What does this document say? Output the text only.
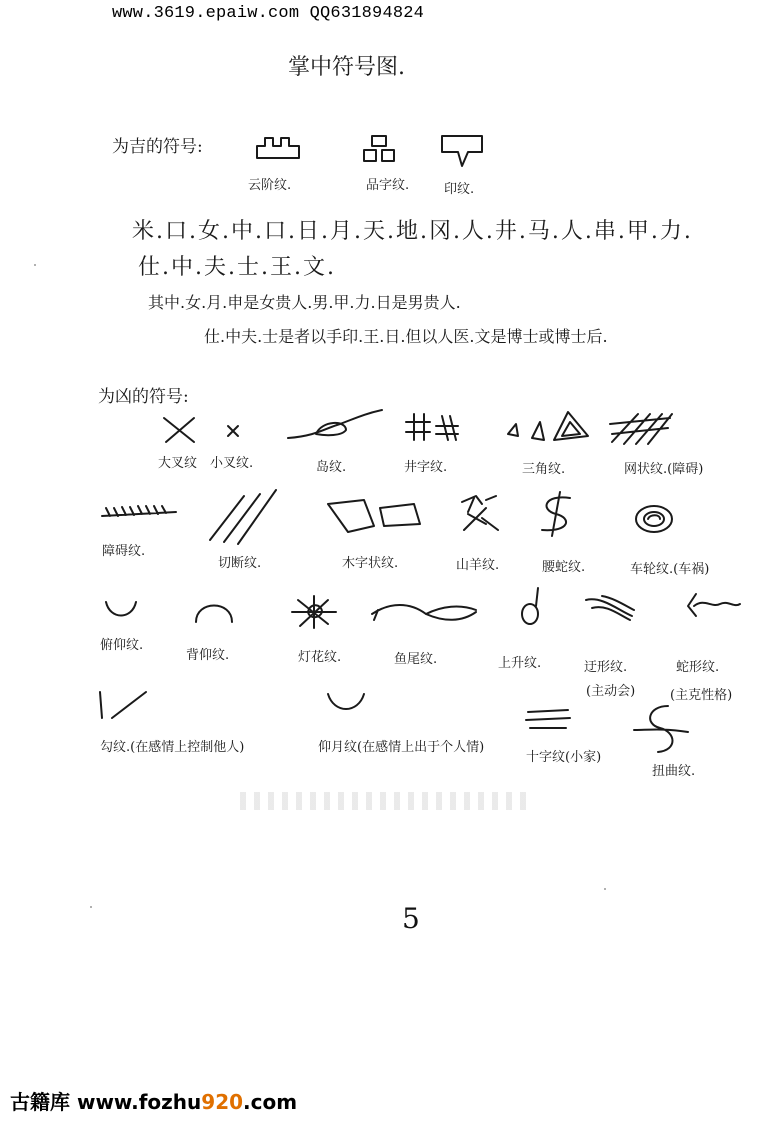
www.3619.epaiw.com QQ631894824
掌中符号图.
为吉的符号:
云阶纹.	品字纹.	印纹.
米.口.女.中.口.日.月.天.地.冈.人.井.马.人.串.甲.力.
仕.中.夫.士.王.文.
其中.女.月.申是女贵人.男.甲.力.日是男贵人.
仕.中夫.士是者以手印.王.日.但以人医.文是博士或博士后.
为凶的符号:
大叉纹 小叉纹.	岛纹.	井字纹.	三角纹.	网状纹.(障碍)
障碍纹.
切断纹.	木字状纹.	山羊纹.	腰蛇纹.	车轮纹.(车祸)
俯仰纹.
背仰纹.	灯花纹.	鱼尾纹.	上升纹.	迂形纹.	蛇形纹.
(主动会)	(主克性格)
勾纹.(在感情上控制他人)	仰月纹(在感情上出于个人情)
十字纹(小家)
扭曲纹.
5
古籍库 www.fozhu920.com
